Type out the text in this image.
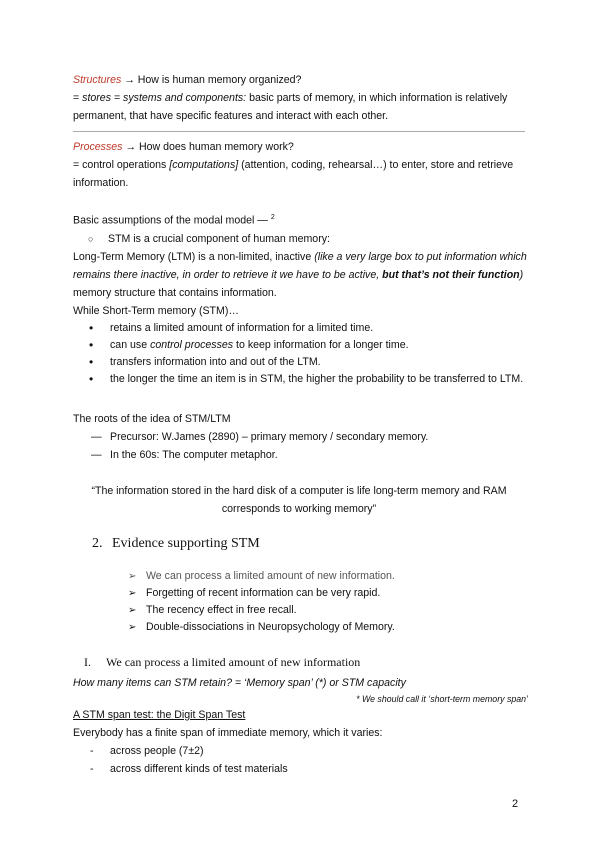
Structures → How is human memory organized?
= stores = systems and components: basic parts of memory, in which information is relatively permanent, that have specific features and interact with each other.
Processes → How does human memory work?
= control operations [computations] (attention, coding, rehearsal…) to enter, store and retrieve information.
Basic assumptions of the modal model — $^2$
○ STM is a crucial component of human memory:
Long-Term Memory (LTM) is a non-limited, inactive (like a very large box to put information which remains there inactive, in order to retrieve it we have to be active, but that’s not their function) memory structure that contains information.
While Short-Term memory (STM)…
• retains a limited amount of information for a limited time.
• can use control processes to keep information for a longer time.
• transfers information into and out of the LTM.
• the longer the time an item is in STM, the higher the probability to be transferred to LTM.
The roots of the idea of STM/LTM
— Precursor: W.James (2890) – primary memory / secondary memory.
— In the 60s: The computer metaphor.
“The information stored in the hard disk of a computer is life long-term memory and RAM corresponds to working memory”
2. Evidence supporting STM
➢ We can process a limited amount of new information.
➢ Forgetting of recent information can be very rapid.
➢ The recency effect in free recall.
➢ Double-dissociations in Neuropsychology of Memory.
I. We can process a limited amount of new information
How many items can STM retain? = ‘Memory span’ (*) or STM capacity
* We should call it ‘short-term memory span’
A STM span test: the Digit Span Test
Everybody has a finite span of immediate memory, which it varies:
- across people (7±2)
- across different kinds of test materials
2
